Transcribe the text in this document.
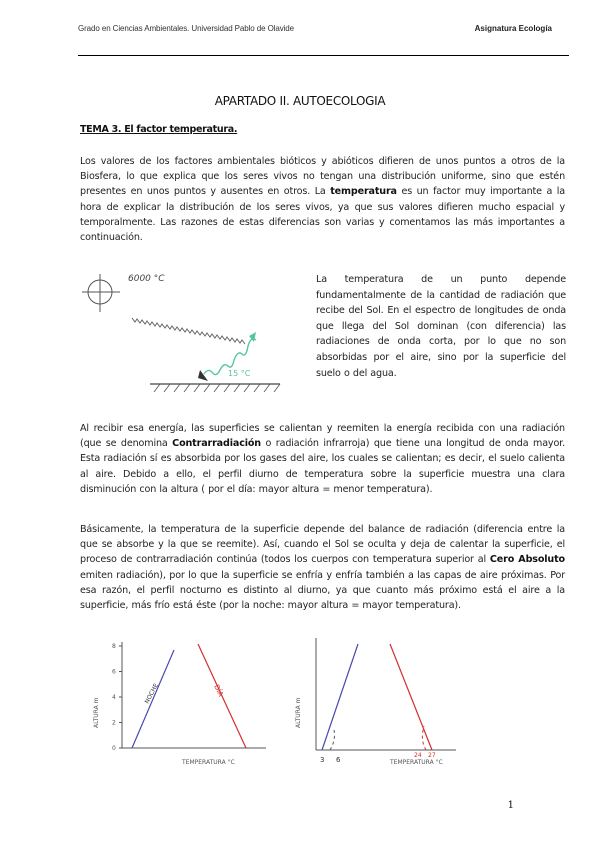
Grado en Ciencias Ambientales. Universidad Pablo de Olavide	Asignatura Ecología
APARTADO II. AUTOECOLOGIA
TEMA 3. El factor temperatura.
Los valores de los factores ambientales bióticos y abióticos difieren de unos puntos a otros de la Biosfera, lo que explica que los seres vivos no tengan una distribución uniforme, sino que estén presentes en unos puntos y ausentes en otros. La temperatura es un factor muy importante a la hora de explicar la distribución de los seres vivos, ya que sus valores difieren mucho espacial y temporalmente. Las razones de estas diferencias son varias y comentamos las más importantes a continuación.
6000 °C
15 °C
La temperatura de un punto depende fundamentalmente de la cantidad de radiación que recibe del Sol. En el espectro de longitudes de onda que llega del Sol dominan (con diferencia) las radiaciones de onda corta, por lo que no son absorbidas por el aire, sino por la superficie del suelo o del agua.
Al recibir esa energía, las superficies se calientan y reemiten la energía recibida con una radiación (que se denomina Contrarradiación o radiación infrarroja) que tiene una longitud de onda mayor. Esta radiación sí es absorbida por los gases del aire, los cuales se calientan; es decir, el suelo calienta al aire. Debido a ello, el perfil diurno de temperatura sobre la superficie muestra una clara disminución con la altura ( por el día: mayor altura = menor temperatura).
Básicamente, la temperatura de la superficie depende del balance de radiación (diferencia entre la que se absorbe y la que se reemite). Así, cuando el Sol se oculta y deja de calentar la superficie, el proceso de contrarradiación continúa (todos los cuerpos con temperatura superior al Cero Absoluto emiten radiación), por lo que la superficie se enfría y enfría también a las capas de aire próximas. Por esa razón, el perfil nocturno es distinto al diurno, ya que cuanto más próximo está el aire a la superficie, más frío está éste (por la noche: mayor altura = mayor temperatura).
0
2
4
6
8
ALTURA m
TEMPERATURA °C
NOCHE	DÍA
ALTURA m
TEMPERATURA °C
3 6
24 27
1
